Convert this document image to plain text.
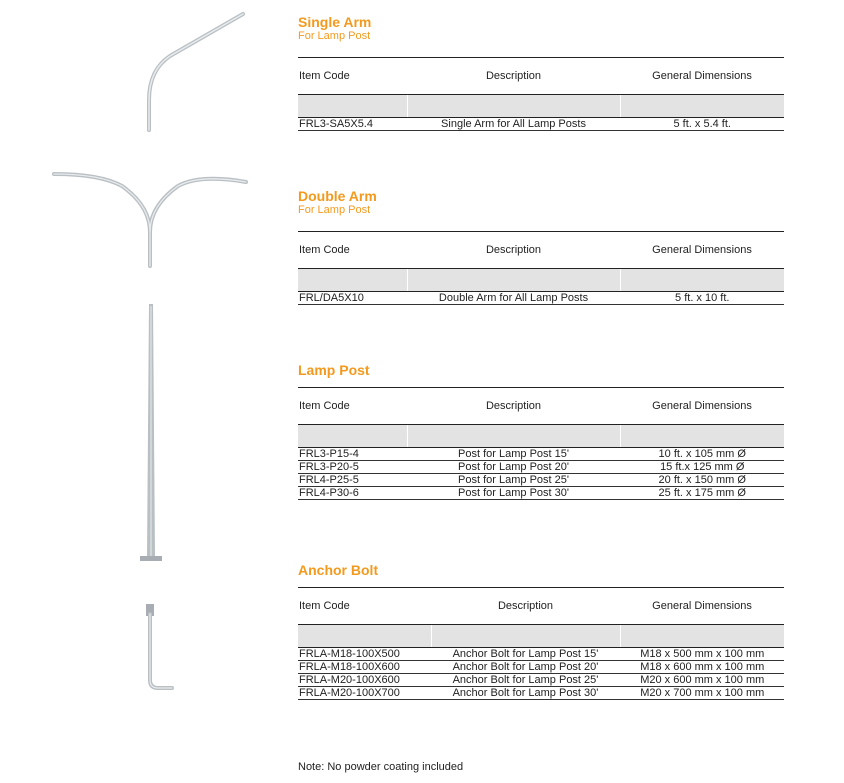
Single Arm
For Lamp Post
Item Code	Description	General Dimensions

FRL3-SA5X5.4	Single Arm for All Lamp Posts	5 ft. x 5.4 ft.
Double Arm
For Lamp Post
Item Code	Description	General Dimensions

FRL/DA5X10	Double Arm for All Lamp Posts	5 ft. x 10 ft.
Lamp Post
Item Code	Description	General Dimensions

FRL3-P15-4	Post for Lamp Post 15'	10 ft. x 105 mm Ø
FRL3-P20-5	Post for Lamp Post 20'	15 ft.x 125 mm Ø
FRL4-P25-5	Post for Lamp Post 25'	20 ft. x 150 mm Ø
FRL4-P30-6	Post for Lamp Post 30'	25 ft. x 175 mm Ø
Anchor Bolt
Item Code	Description	General Dimensions

FRLA-M18-100X500	Anchor Bolt for Lamp Post 15'	M18 x 500 mm x 100 mm
FRLA-M18-100X600	Anchor Bolt for Lamp Post 20'	M18 x 600 mm x 100 mm
FRLA-M20-100X600	Anchor Bolt for Lamp Post 25'	M20 x 600 mm x 100 mm
FRLA-M20-100X700	Anchor Bolt for Lamp Post 30'	M20 x 700 mm x 100 mm
Note: No powder coating included
